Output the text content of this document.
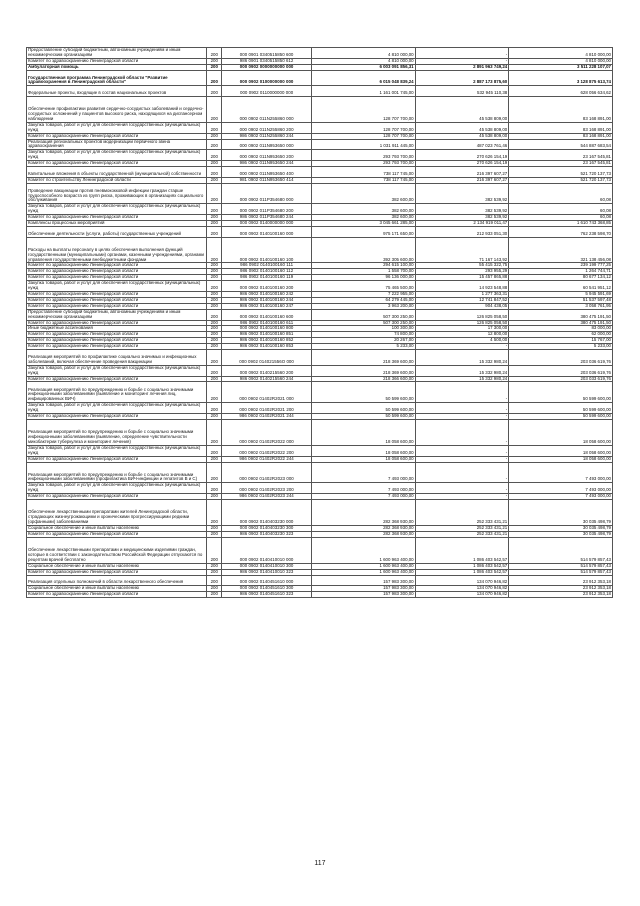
Предоставление субсидий бюджетным, автономным учреждениям и иным некоммерческим организациям	200	000 0901 0340515850 600	4 810 000,00	-	4 810 000,00
Комитет по здравоохранению Ленинградской области	200	986 0901 0340515850 612	4 810 000,00	-	4 810 000,00
Амбулаторная помощь	200	000 0902 0000000000 000	6 003 091 856,31	2 891 963 749,24	3 511 228 107,07
Государственная программа Ленинградской области "Развитие здравоохранения в Ленинградской области"	200	000 0902 0100000000 000	6 015 048 839,24	2 887 173 875,60	3 128 875 613,74
Федеральные проекты, входящие в состав национальных проектов	200	000 0902 0110000000 000	1 161 001 745,00	532 945 110,38	628 056 634,62
Обеспечение профилактики развития сердечно-сосудистых заболеваний и сердечно-сосудистых осложнений у пациентов высокого риска, находящихся на диспансерном наблюдении	200	000 0902 011N255860 000	128 707 700,00	45 538 809,00	83 168 891,00
Закупка товаров, работ и услуг для обеспечения государственных (муниципальных) нужд	200	000 0902 011N255860 200	128 707 700,00	45 538 809,00	83 168 891,00
Комитет по здравоохранению Ленинградской области	200	986 0902 011N255860 244	128 707 700,00	45 538 809,00	83 168 891,00
Реализация региональных проектов модернизации первичного звена здравоохранения	200	000 0902 011N953650 000	1 031 911 445,00	487 023 761,46	544 887 683,54
Закупка товаров, работ и услуг для обеспечения государственных (муниципальных) нужд	200	000 0902 011N953650 200	293 793 700,00	270 626 154,19	23 167 545,81
Комитет по здравоохранению Ленинградской области	200	986 0902 011N953650 244	293 793 700,00	270 626 154,19	23 167 545,81
Капитальные вложения в объекты государственной (муниципальной) собственности	200	000 0902 011N953650 400	738 117 745,00	216 397 607,27	521 720 137,73
Комитет по строительству Ленинградской области	200	981 0902 011N953650 414	738 117 745,00	216 397 607,27	521 720 137,73
Проведение вакцинации против пневмококковой инфекции граждан старше трудоспособного возраста из групп риска, проживающих в организациях социального обслуживания	200	000 0902 011P354680 000	382 600,00	382 539,92	60,08
Закупка товаров, работ и услуг для обеспечения государственных (муниципальных) нужд	200	000 0902 011P354680 200	382 600,00	382 539,92	60,08
Комитет по здравоохранению Ленинградской области	200	986 0902 011P354680 244	382 600,00	382 539,92	60,08
Комплексы процессных мероприятий	200	000 0902 0140000000 000	3 045 661 285,00	2 134 919 011,47	1 610 743 368,85
Обеспечение деятельности (услуги, работы) государственных учреждений	200	000 0902 0140100160 000	975 171 650,00	212 933 051,30	762 238 598,70
Расходы на выплаты персоналу в целях обеспечения выполнения функций государственными (муниципальными) органами, казенными учреждениями, органами управления государственными внебюджетными фондами	200	000 0902 0140100160 100	392 305 600,00	71 167 143,92	321 138 456,08
Комитет по здравоохранению Ленинградской области	200	986 0902 0140100160 111	294 615 100,00	55 415 322,75	239 199 777,25
Комитет по здравоохранению Ленинградской области	200	986 0902 0140100160 112	1 558 700,00	293 955,29	1 264 744,71
Комитет по здравоохранению Ленинградской области	200	986 0902 0140100160 119	96 136 000,00	15 457 865,88	80 677 134,12
Закупка товаров, работ и услуг для обеспечения государственных (муниципальных) нужд	200	000 0902 0140100160 200	75 465 500,00	14 923 548,88	60 541 951,12
Комитет по здравоохранению Ленинградской области	200	986 0902 0140100160 242	7 222 955,00	1 277 363,31	5 945 591,69
Комитет по здравоохранению Ленинградской области	200	986 0902 0140100160 244	64 279 445,00	12 741 847,52	51 537 597,48
Комитет по здравоохранению Ленинградской области	200	986 0902 0140100160 247	3 963 200,00	904 438,05	3 058 761,95
Предоставление субсидий бюджетным, автономным учреждениям и иным некоммерческим организациям	200	000 0902 0140100160 600	507 300 250,00	126 825 058,50	380 475 191,50
Комитет по здравоохранению Ленинградской области	200	986 0902 0140100160 611	507 300 250,00	126 825 058,50	380 475 191,50
Иные бюджетные ассигнования	200	000 0902 0140100160 800	100 300,00	17 300,00	83 000,00
Комитет по здравоохранению Ленинградской области	200	986 0902 0140100160 851	74 800,00	12 800,00	62 000,00
Комитет по здравоохранению Ленинградской области	200	986 0902 0140100160 852	20 267,00	4 500,00	15 767,00
Комитет по здравоохранению Ленинградской области	200	986 0902 0140100160 853	5 233,00	-	5 233,00
Реализация мероприятий по профилактике социально значимых и инфекционных заболеваний, включая обеспечение проведения вакцинации	200	000 0902 014021556О 000	218 369 600,00	15 332 980,24	203 036 619,76
Закупка товаров, работ и услуг для обеспечения государственных (муниципальных) нужд	200	000 0902 0140215560 200	218 369 600,00	15 332 980,24	203 036 619,76
Комитет по здравоохранению Ленинградской области	200	986 0902 0140215560 244	218 366 600,00	15 332 980,24	203 033 619,76
Реализация мероприятий по предупреждению и борьбе с социально значимыми инфекционными заболеваниями (выявление и мониторинг лечения лиц, инфицированных ВИЧ)	200	000 0902 01402R2021 000	50 599 600,00	-	50 599 600,00
Закупка товаров, работ и услуг для обеспечения государственных (муниципальных) нужд	200	000 0902 01402R2021 200	50 599 600,00	-	50 599 600,00
Комитет по здравоохранению Ленинградской области	200	986 0902 01402R2021 244	50 599 600,00	-	50 599 600,00
Реализация мероприятий по предупреждению и борьбе с социально значимыми инфекционными заболеваниями (выявление, определение чувствительности микобактерии туберкулеза и мониторинг лечения)	200	000 0902 01402R2022 000	18 058 600,00	-	18 058 600,00
Закупка товаров, работ и услуг для обеспечения государственных (муниципальных) нужд	200	000 0902 01402R2022 200	18 058 600,00	-	18 058 600,00
Комитет по здравоохранению Ленинградской области	200	986 0902 01402R2022 244	18 058 600,00	-	18 058 600,00
Реализация мероприятий по предупреждению и борьбе с социально значимыми инфекционными заболеваниями (профилактика ВИЧ-инфекции и гепатитов В и С)	200	000 0902 01402R2023 000	7 493 000,00	-	7 493 000,00
Закупка товаров, работ и услуг для обеспечения государственных (муниципальных) нужд	200	000 0902 01402R2023 200	7 493 000,00	-	7 493 000,00
Комитет по здравоохранению Ленинградской области	200	986 0902 01402R2023 244	7 493 000,00	-	7 493 000,00
Обеспечение лекарственными препаратами жителей Ленинградской области, страдающих жизнеугрожающими и хроническими прогрессирующими редкими (орфанными) заболеваниями	200	000 0902 0140403230 000	282 368 930,00	252 333 431,21	30 035 498,79
Социальное обеспечение и иные выплаты населению	200	000 0902 0140403230 300	282 368 930,00	252 333 431,21	30 035 498,79
Комитет по здравоохранению Ленинградской области	200	986 0902 0140403230 323	282 368 930,00	252 333 431,21	30 035 498,79
Обеспечение лекарственными препаратами и медицинскими изделиями граждан, которые в соответствии с законодательством Российской Федерации отпускаются по рецептам врачей бесплатно	200	000 0902 0140410010 000	1 600 963 400,00	1 086 403 542,57	514 579 857,43
Социальное обеспечение и иные выплаты населению	200	000 0902 0140410010 300	1 600 963 400,00	1 086 403 542,57	514 579 857,43
Комитет по здравоохранению Ленинградской области	200	986 0902 0140410010 323	1 600 963 400,00	1 086 403 542,57	514 579 857,43
Реализация отдельных полномочий в области лекарственного обеспечения	200	000 0902 0140451610 000	157 983 300,00	134 070 946,82	23 912 353,18
Социальное обеспечение и иные выплаты населению	200	000 0902 0140451610 300	157 983 300,00	134 070 946,82	23 912 353,18
Комитет по здравоохранению Ленинградской области	200	986 0902 0140451610 323	157 983 300,00	134 070 946,82	23 912 353,18
117
